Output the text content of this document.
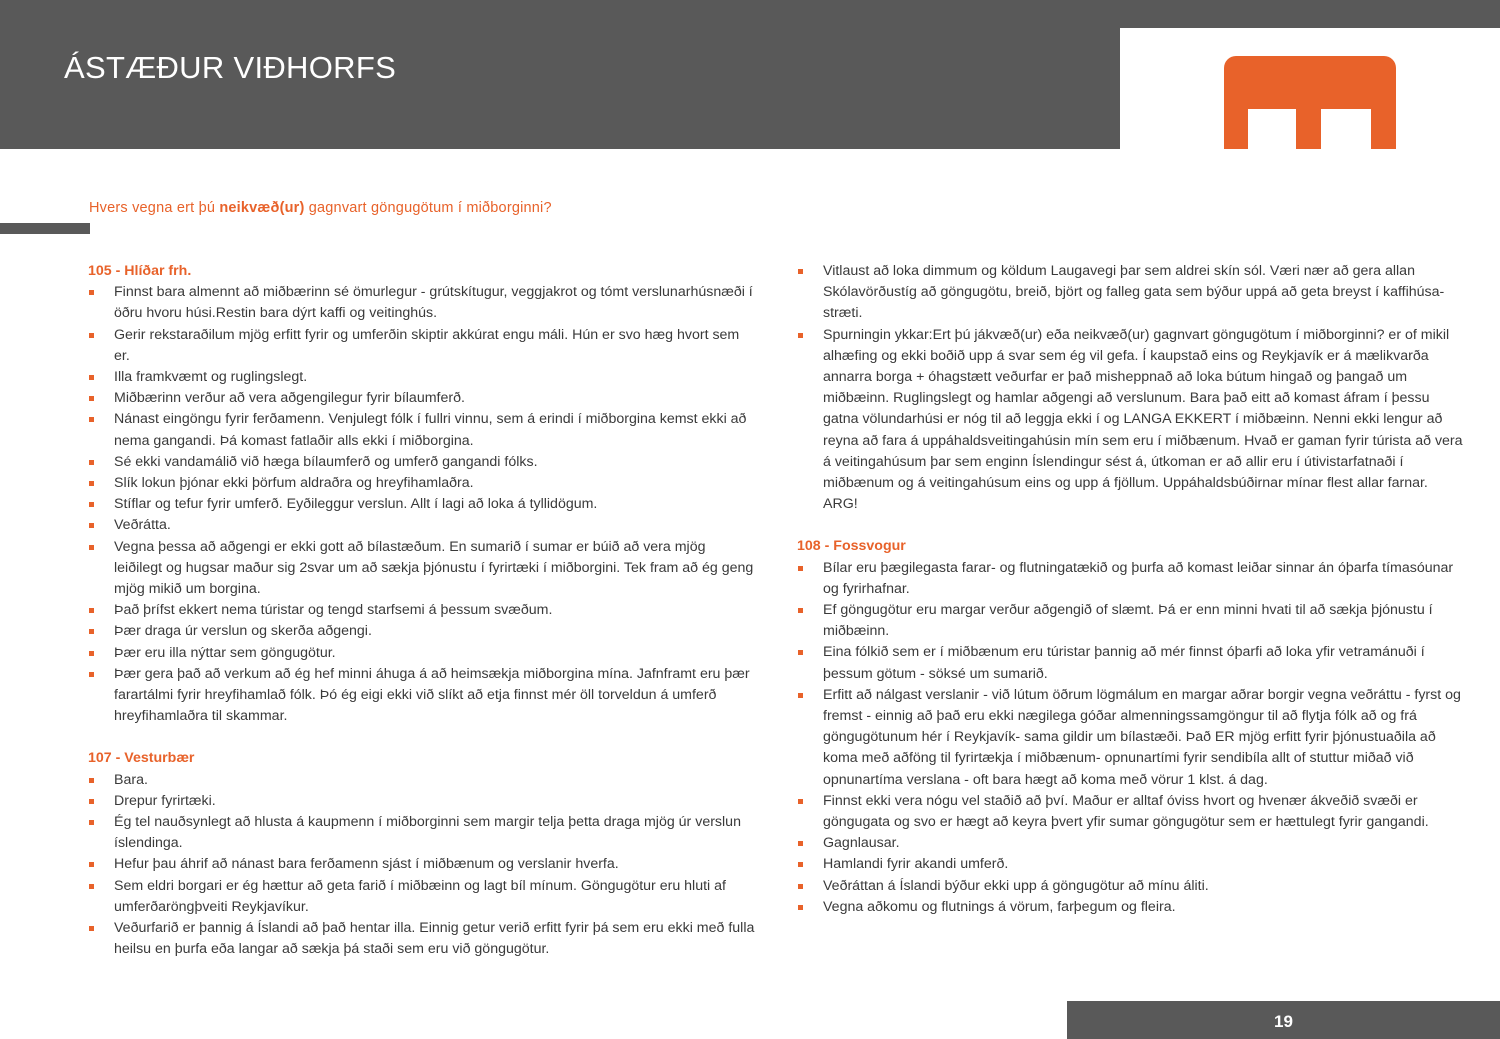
ÁSTÆÐUR VIÐHORFS
Hvers vegna ert þú neikvæð(ur) gagnvart göngugötum í miðborginni?

105 - Hlíðar frh.

Finnst bara almennt að miðbærinn sé ömurlegur - grútskítugur, veggjakrot og tómt verslunarhúsnæði í öðru hvoru húsi.Restin bara dýrt kaffi og veitinghús.
Gerir rekstaraðilum mjög erfitt fyrir og umferðin skiptir akkúrat engu máli. Hún er svo hæg hvort sem er.
Illa framkvæmt og ruglingslegt.
Miðbærinn verður að vera aðgengilegur fyrir bílaumferð.
Nánast eingöngu fyrir ferðamenn. Venjulegt fólk í fullri vinnu, sem á erindi í miðborgina kemst ekki að nema gangandi. Þá komast fatlaðir alls ekki í miðborgina.
Sé ekki vandamálið við hæga bílaumferð og umferð gangandi fólks.
Slík lokun þjónar ekki þörfum aldraðra og hreyfihamlaðra.
Stíflar og tefur fyrir umferð. Eyðileggur verslun. Allt í lagi að loka á tyllidögum.
Veðrátta.
Vegna þessa að aðgengi er ekki gott að bílastæðum. En sumarið í sumar er búið að vera mjög leiðilegt og hugsar maður sig 2svar um að sækja þjónustu í fyrirtæki í miðborgini. Tek fram að ég geng mjög mikið um borgina.
Það þrífst ekkert nema túristar og tengd starfsemi á þessum svæðum.
Þær draga úr verslun og skerða aðgengi.
Þær eru illa nýttar sem göngugötur.
Þær gera það að verkum að ég hef minni áhuga á að heimsækja miðborgina mína. Jafnframt eru þær farartálmi fyrir hreyfihamlað fólk. Þó ég eigi ekki við slíkt að etja finnst mér öll torveldun á umferð hreyfihamlaðra til skammar.

107 - Vesturbær

Bara.
Drepur fyrirtæki.
Ég tel nauðsynlegt að hlusta á kaupmenn í miðborginni sem margir telja þetta draga mjög úr verslun íslendinga.
Hefur þau áhrif að nánast bara ferðamenn sjást í miðbænum og verslanir hverfa.
Sem eldri borgari er ég hættur að geta farið í miðbæinn og lagt bíl mínum. Göngugötur eru hluti af umferðaröngþveiti Reykjavíkur.
Veðurfarið er þannig á Íslandi að það hentar illa. Einnig getur verið erfitt fyrir þá sem eru ekki með fulla heilsu en þurfa eða langar að sækja þá staði sem eru við göngugötur.
Vitlaust að loka dimmum og köldum Laugavegi þar sem aldrei skín sól. Væri nær að gera allan Skólavörðustíg að göngugötu, breið, björt og falleg gata sem býður uppá að geta breyst í kaffihúsa-stræti.
Spurningin ykkar:Ert þú jákvæð(ur) eða neikvæð(ur) gagnvart göngugötum í miðborginni? er of mikil alhæfing og ekki boðið upp á svar sem ég vil gefa. Í kaupstað eins og Reykjavík er á mælikvarða annarra borga + óhagstætt veðurfar er það misheppnað að loka bútum hingað og þangað um miðbæinn. Ruglingslegt og hamlar aðgengi að verslunum. Bara það eitt að komast áfram í þessu gatna völundarhúsi er nóg til að leggja ekki í og LANGA EKKERT í miðbæinn. Nenni ekki lengur að reyna að fara á uppáhaldsveitingahúsin mín sem eru í miðbænum. Hvað er gaman fyrir túrista að vera á veitingahúsum þar sem enginn Íslendingur sést á, útkoman er að allir eru í útivistarfatnaði í miðbænum og á veitingahúsum eins og upp á fjöllum. Uppáhaldsbúðirnar mínar flest allar farnar. ARG!

108 - Fossvogur

Bílar eru þægilegasta farar- og flutningatækið og þurfa að komast leiðar sinnar án óþarfa tímasóunar og fyrirhafnar.
Ef göngugötur eru margar verður aðgengið of slæmt. Þá er enn minni hvati til að sækja þjónustu í miðbæinn.
Eina fólkið sem er í miðbænum eru túristar þannig að mér finnst óþarfi að loka yfir vetramánuði í þessum götum - söksé um sumarið.
Erfitt að nálgast verslanir - við lútum öðrum lögmálum en margar aðrar borgir vegna veðráttu - fyrst og fremst - einnig að það eru ekki nægilega góðar almenningssamgöngur til að flytja fólk að og frá göngugötunum hér í Reykjavík- sama gildir um bílastæði. Það ER mjög erfitt fyrir þjónustuaðila að koma með aðföng til fyrirtækja í miðbænum- opnunartími fyrir sendibíla allt of stuttur miðað við opnunartíma verslana - oft bara hægt að koma með vörur 1 klst. á dag.
Finnst ekki vera nógu vel staðið að því. Maður er alltaf óviss hvort og hvenær ákveðið svæði er göngugata og svo er hægt að keyra þvert yfir sumar göngugötur sem er hættulegt fyrir gangandi.
Gagnlausar.
Hamlandi fyrir akandi umferð.
Veðráttan á Íslandi býður ekki upp á göngugötur að mínu áliti.
Vegna aðkomu og flutnings á vörum, farþegum og fleira.
19
